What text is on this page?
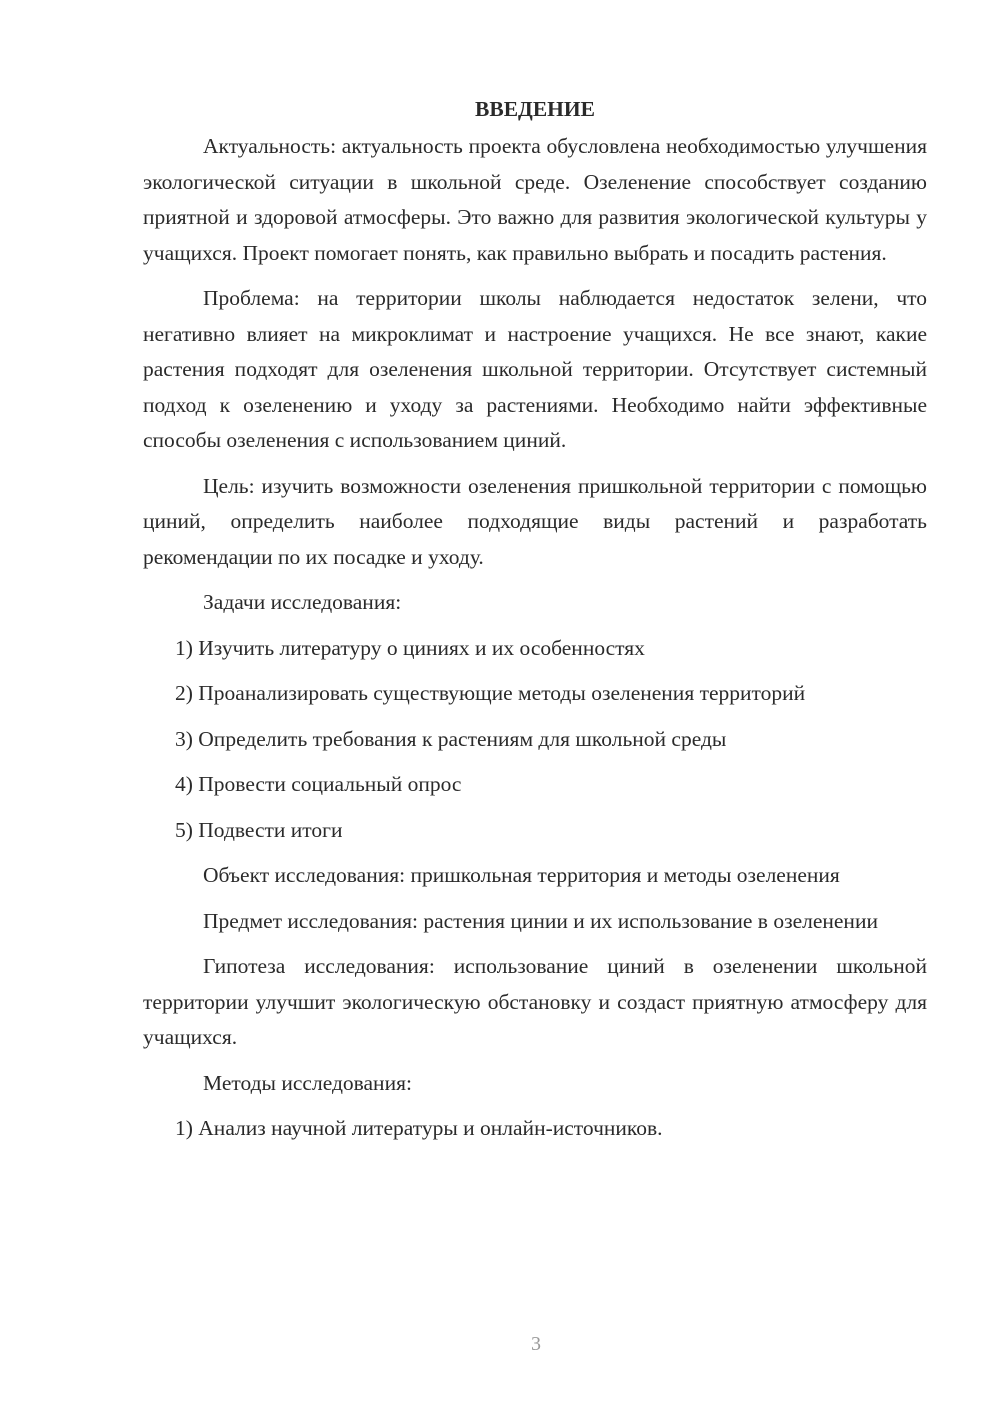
ВВЕДЕНИЕ

Актуальность: актуальность проекта обусловлена необходимостью улучшения экологической ситуации в школьной среде. Озеленение способствует созданию приятной и здоровой атмосферы. Это важно для развития экологической культуры у учащихся. Проект помогает понять, как правильно выбрать и посадить растения.

Проблема: на территории школы наблюдается недостаток зелени, что негативно влияет на микроклимат и настроение учащихся. Не все знают, какие растения подходят для озеленения школьной территории. Отсутствует системный подход к озеленению и уходу за растениями. Необходимо найти эффективные способы озеленения с использованием циний.

Цель: изучить возможности озеленения пришкольной территории с помощью циний, определить наиболее подходящие виды растений и разработать рекомендации по их посадке и уходу.

Задачи исследования:

1) Изучить литературу о циниях и их особенностях
2) Проанализировать существующие методы озеленения территорий
3) Определить требования к растениям для школьной среды
4) Провести социальный опрос
5) Подвести итоги

Объект исследования: пришкольная территория и методы озеленения

Предмет исследования: растения цинии и их использование в озеленении

Гипотеза исследования: использование циний в озеленении школьной территории улучшит экологическую обстановку и создаст приятную атмосферу для учащихся.

Методы исследования:

1) Анализ научной литературы и онлайн-источников.
3
